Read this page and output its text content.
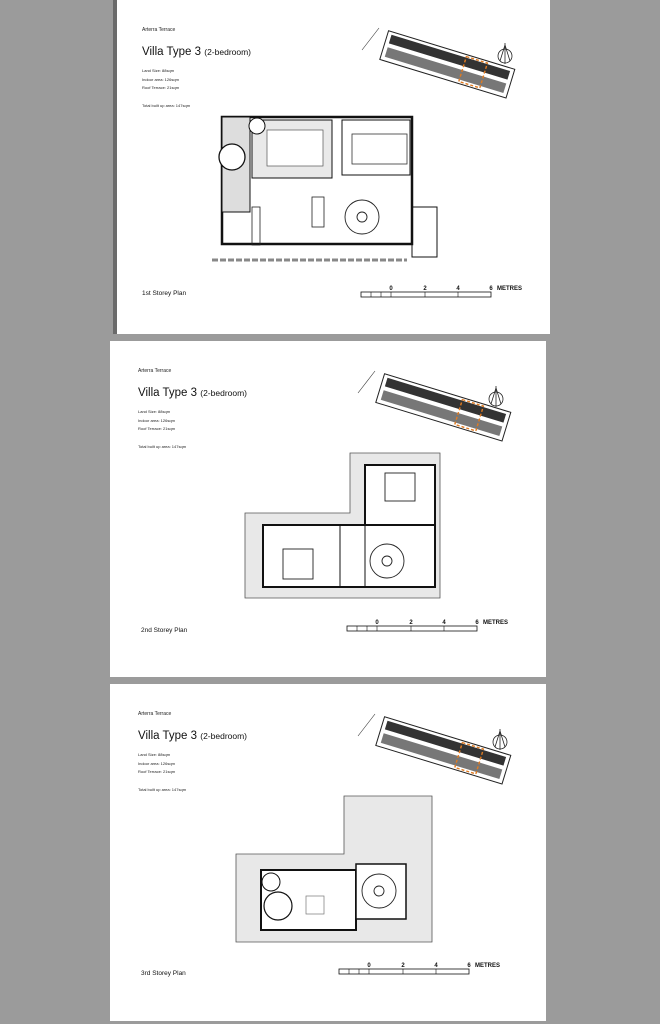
Arterra Terrace
Villa Type 3 (2-bedroom)
Land Size: 88sqm
Indoor area: 126sqm
Roof Terrace: 21sqm
Total built up area: 147sqm
1st Storey Plan
0	2	4	6 METRES
Arterra Terrace
Villa Type 3 (2-bedroom)
Land Size: 88sqm
Indoor area: 126sqm
Roof Terrace: 21sqm
Total built up area: 147sqm
2nd Storey Plan
0	2	4	6 METRES
Arterra Terrace
Villa Type 3 (2-bedroom)
Land Size: 88sqm
Indoor area: 126sqm
Roof Terrace: 21sqm
Total built up area: 147sqm
3rd Storey Plan
0	2	4	6 METRES
